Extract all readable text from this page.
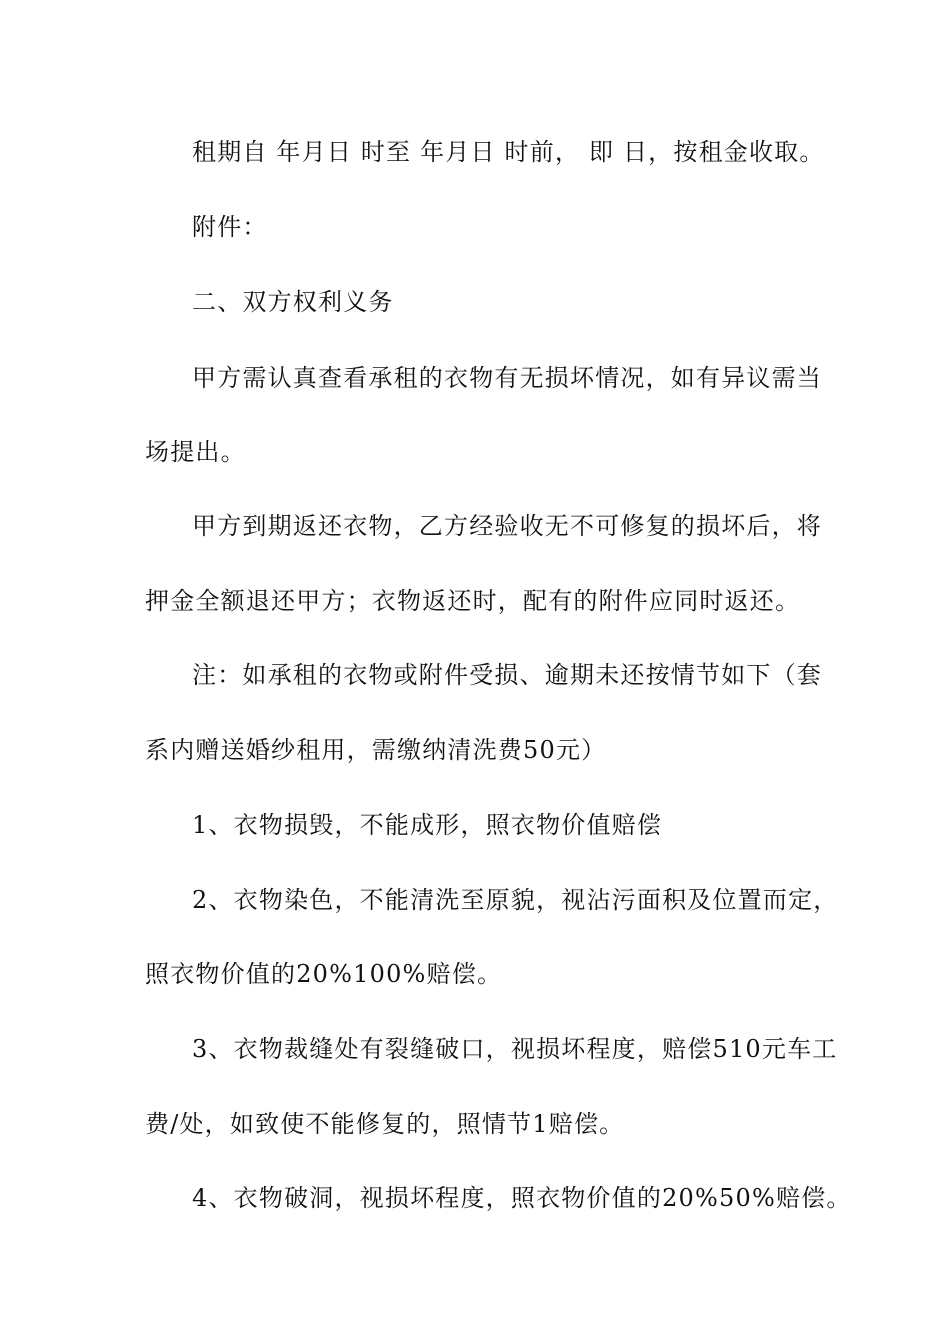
租期自 年月日 时至 年月日 时前， 即 日，按租金收取。
附件：
二、双方权利义务
甲方需认真查看承租的衣物有无损坏情况，如有异议需当
场提出。
甲方到期返还衣物，乙方经验收无不可修复的损坏后，将
押金全额退还甲方；衣物返还时，配有的附件应同时返还。
注：如承租的衣物或附件受损、逾期未还按情节如下（套
系内赠送婚纱租用，需缴纳清洗费50元）
1、衣物损毁，不能成形，照衣物价值赔偿
2、衣物染色，不能清洗至原貌，视沾污面积及位置而定，
照衣物价值的20%100%赔偿。
3、衣物裁缝处有裂缝破口，视损坏程度，赔偿510元车工
费/处，如致使不能修复的，照情节1赔偿。
4、衣物破洞，视损坏程度，照衣物价值的20%50%赔偿。
